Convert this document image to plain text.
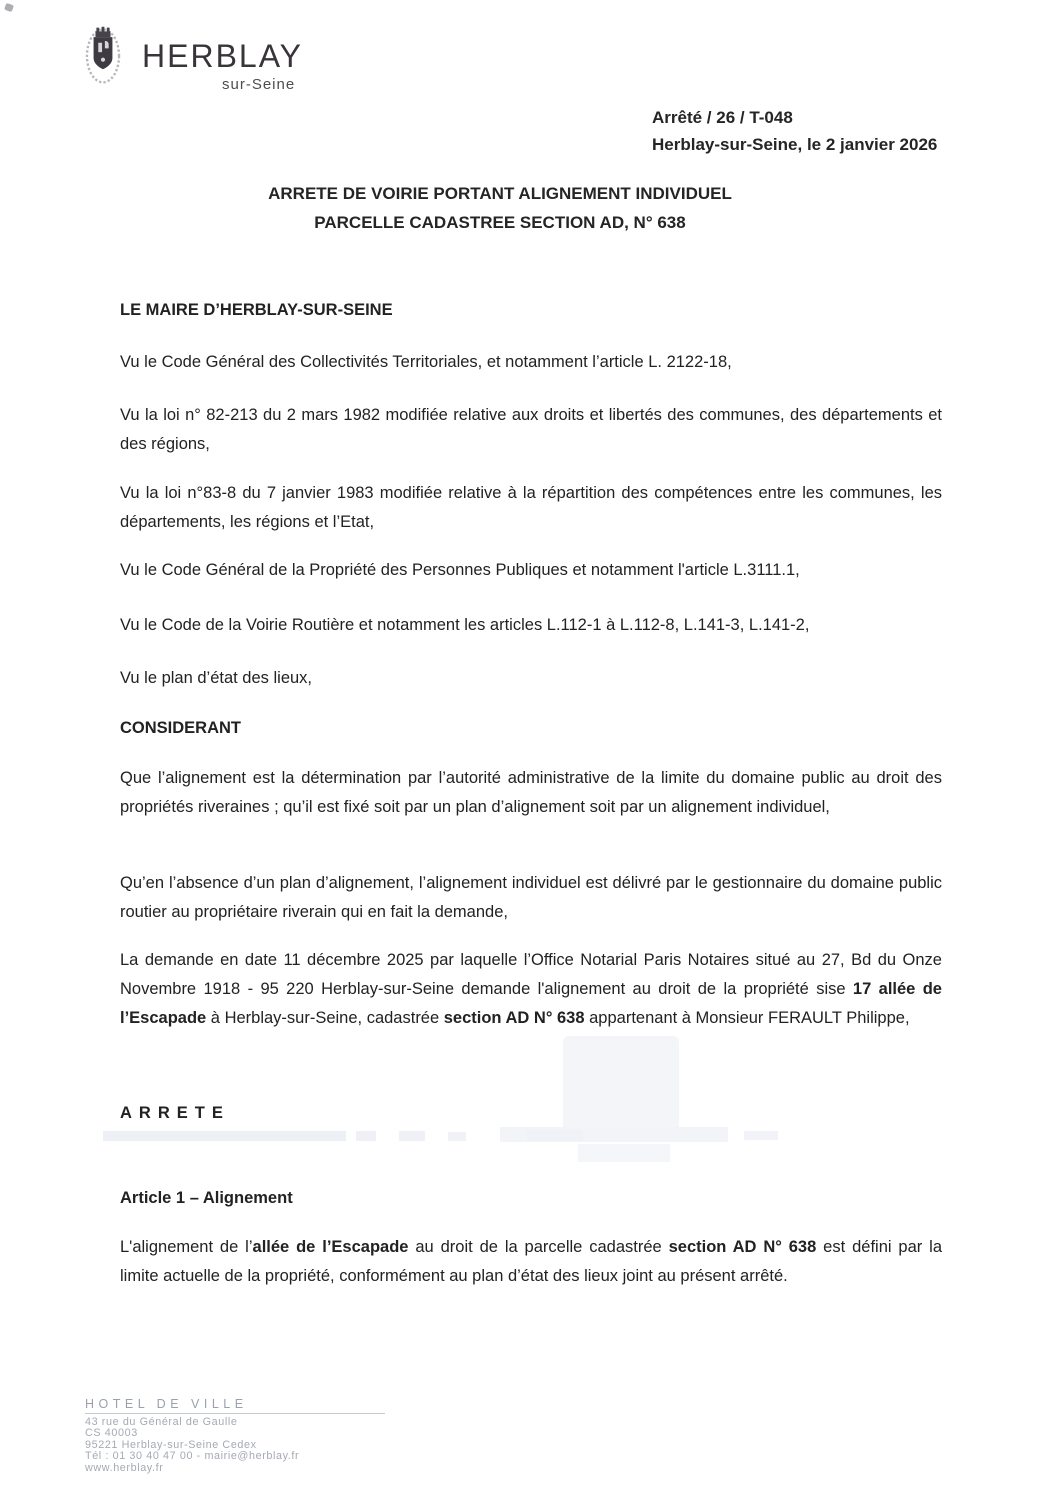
HERBLAY
sur-Seine
Arrêté / 26 / T-048
Herblay-sur-Seine, le 2 janvier 2026
ARRETE DE VOIRIE PORTANT ALIGNEMENT INDIVIDUEL
PARCELLE CADASTREE SECTION AD, N° 638
LE MAIRE D’HERBLAY-SUR-SEINE
Vu le Code Général des Collectivités Territoriales, et notamment l’article L. 2122-18,
Vu la loi n° 82-213 du 2 mars 1982 modifiée relative aux droits et libertés des communes, des départements et des régions,
Vu la loi n°83-8 du 7 janvier 1983 modifiée relative à la répartition des compétences entre les communes, les départements, les régions et l’Etat,
Vu le Code Général de la Propriété des Personnes Publiques et notamment l'article L.3111.1,
Vu le Code de la Voirie Routière et notamment les articles L.112-1 à L.112-8, L.141-3, L.141-2,
Vu le plan d’état des lieux,
CONSIDERANT
Que l’alignement est la détermination par l’autorité administrative de la limite du domaine public au droit des propriétés riveraines ; qu’il est fixé soit par un plan d’alignement soit par un alignement individuel,
Qu’en l’absence d’un plan d’alignement, l’alignement individuel est délivré par le gestionnaire du domaine public routier au propriétaire riverain qui en fait la demande,
La demande en date 11 décembre 2025 par laquelle l’Office Notarial Paris Notaires situé au 27, Bd du Onze Novembre 1918 - 95 220 Herblay-sur-Seine demande l'alignement au droit de la propriété sise 17 allée de l’Escapade à Herblay-sur-Seine, cadastrée section AD N° 638 appartenant à Monsieur FERAULT Philippe,
ARRETE
Article 1 – Alignement
L'alignement de l’allée de l’Escapade au droit de la parcelle cadastrée section AD N° 638 est défini par la limite actuelle de la propriété, conformément au plan d’état des lieux joint au présent arrêté.
HOTEL DE VILLE
43 rue du Général de Gaulle
CS 40003
95221 Herblay-sur-Seine Cedex
Tél : 01 30 40 47 00 - mairie@herblay.fr
www.herblay.fr
